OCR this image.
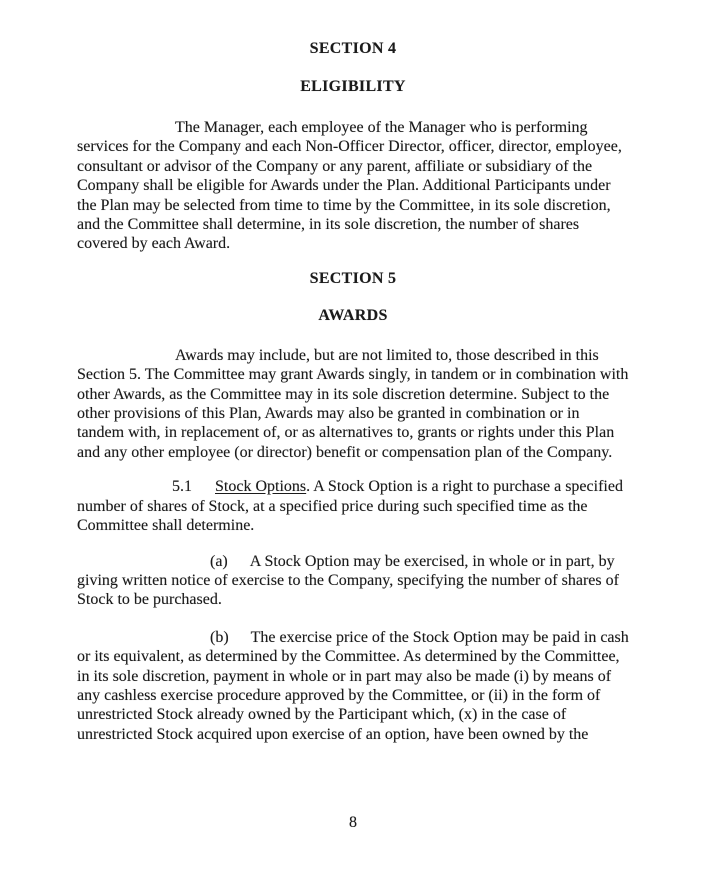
SECTION 4
ELIGIBILITY

The Manager, each employee of the Manager who is performing services for the Company and each Non-Officer Director, officer, director, employee, consultant or advisor of the Company or any parent, affiliate or subsidiary of the Company shall be eligible for Awards under the Plan. Additional Participants under the Plan may be selected from time to time by the Committee, in its sole discretion, and the Committee shall determine, in its sole discretion, the number of shares covered by each Award.

SECTION 5
AWARDS

Awards may include, but are not limited to, those described in this Section 5. The Committee may grant Awards singly, in tandem or in combination with other Awards, as the Committee may in its sole discretion determine. Subject to the other provisions of this Plan, Awards may also be granted in combination or in tandem with, in replacement of, or as alternatives to, grants or rights under this Plan and any other employee (or director) benefit or compensation plan of the Company.

5.1 Stock Options. A Stock Option is a right to purchase a specified number of shares of Stock, at a specified price during such specified time as the Committee shall determine.

(a) A Stock Option may be exercised, in whole or in part, by giving written notice of exercise to the Company, specifying the number of shares of Stock to be purchased.

(b) The exercise price of the Stock Option may be paid in cash or its equivalent, as determined by the Committee. As determined by the Committee, in its sole discretion, payment in whole or in part may also be made (i) by means of any cashless exercise procedure approved by the Committee, or (ii) in the form of unrestricted Stock already owned by the Participant which, (x) in the case of unrestricted Stock acquired upon exercise of an option, have been owned by the

8
